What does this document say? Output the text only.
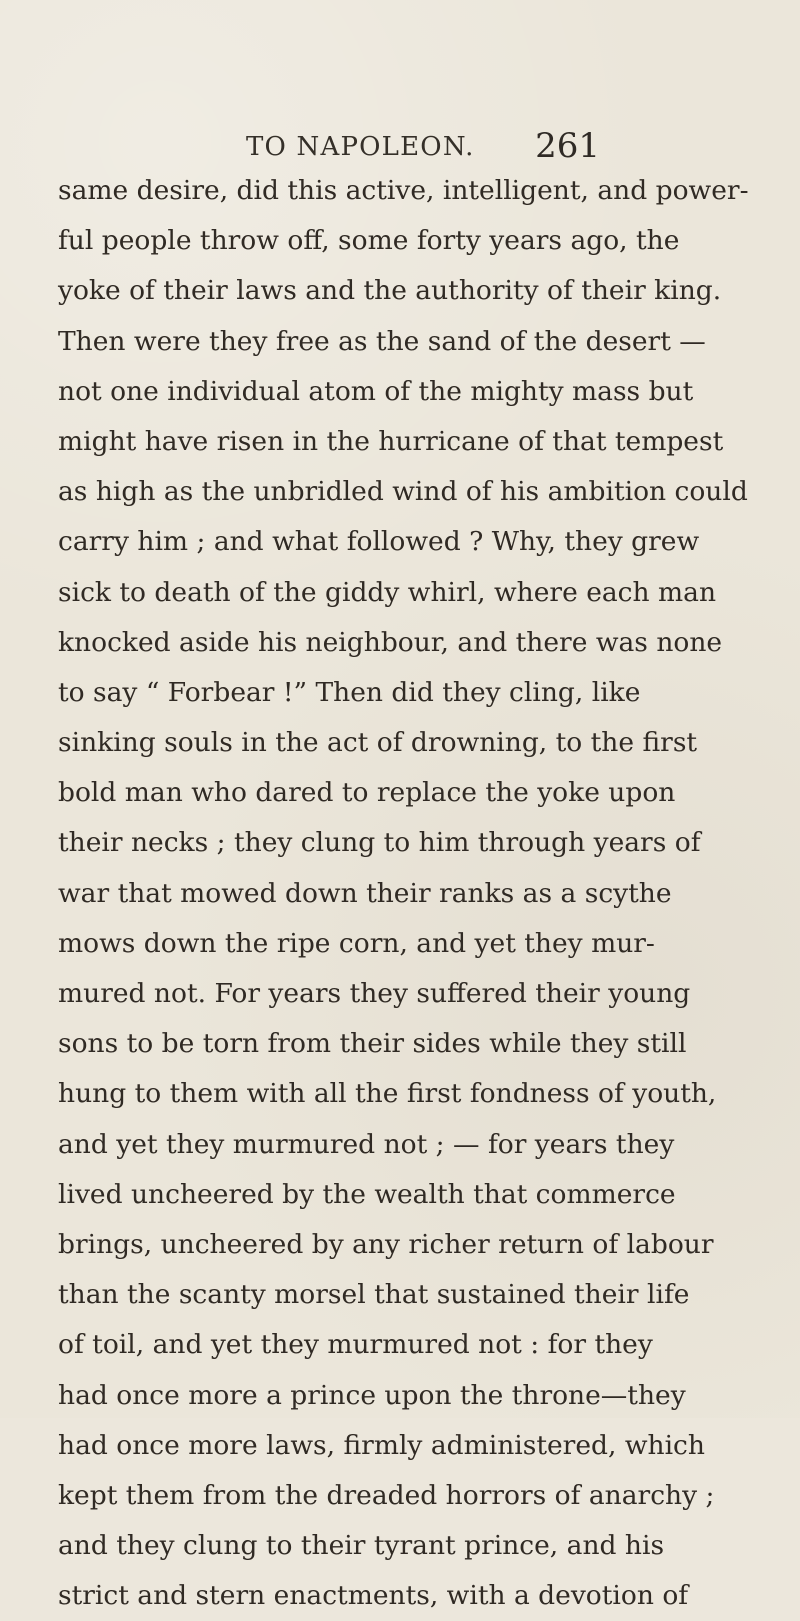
TO NAPOLEON. 261
same desire, did this active, intelligent, and power-
ful people throw off, some forty years ago, the
yoke of their laws and the authority of their king.
Then were they free as the sand of the desert —
not one individual atom of the mighty mass but
might have risen in the hurricane of that tempest
as high as the unbridled wind of his ambition could
carry him ; and what followed ? Why, they grew
sick to death of the giddy whirl, where each man
knocked aside his neighbour, and there was none
to say “ Forbear !” Then did they cling, like
sinking souls in the act of drowning, to the first
bold man who dared to replace the yoke upon
their necks ; they clung to him through years of
war that mowed down their ranks as a scythe
mows down the ripe corn, and yet they mur-
mured not. For years they suffered their young
sons to be torn from their sides while they still
hung to them with all the first fondness of youth,
and yet they murmured not ; — for years they
lived uncheered by the wealth that commerce
brings, uncheered by any richer return of labour
than the scanty morsel that sustained their life
of toil, and yet they murmured not : for they
had once more a prince upon the throne—they
had once more laws, firmly administered, which
kept them from the dreaded horrors of anarchy ;
and they clung to their tyrant prince, and his
strict and stern enactments, with a devotion of
